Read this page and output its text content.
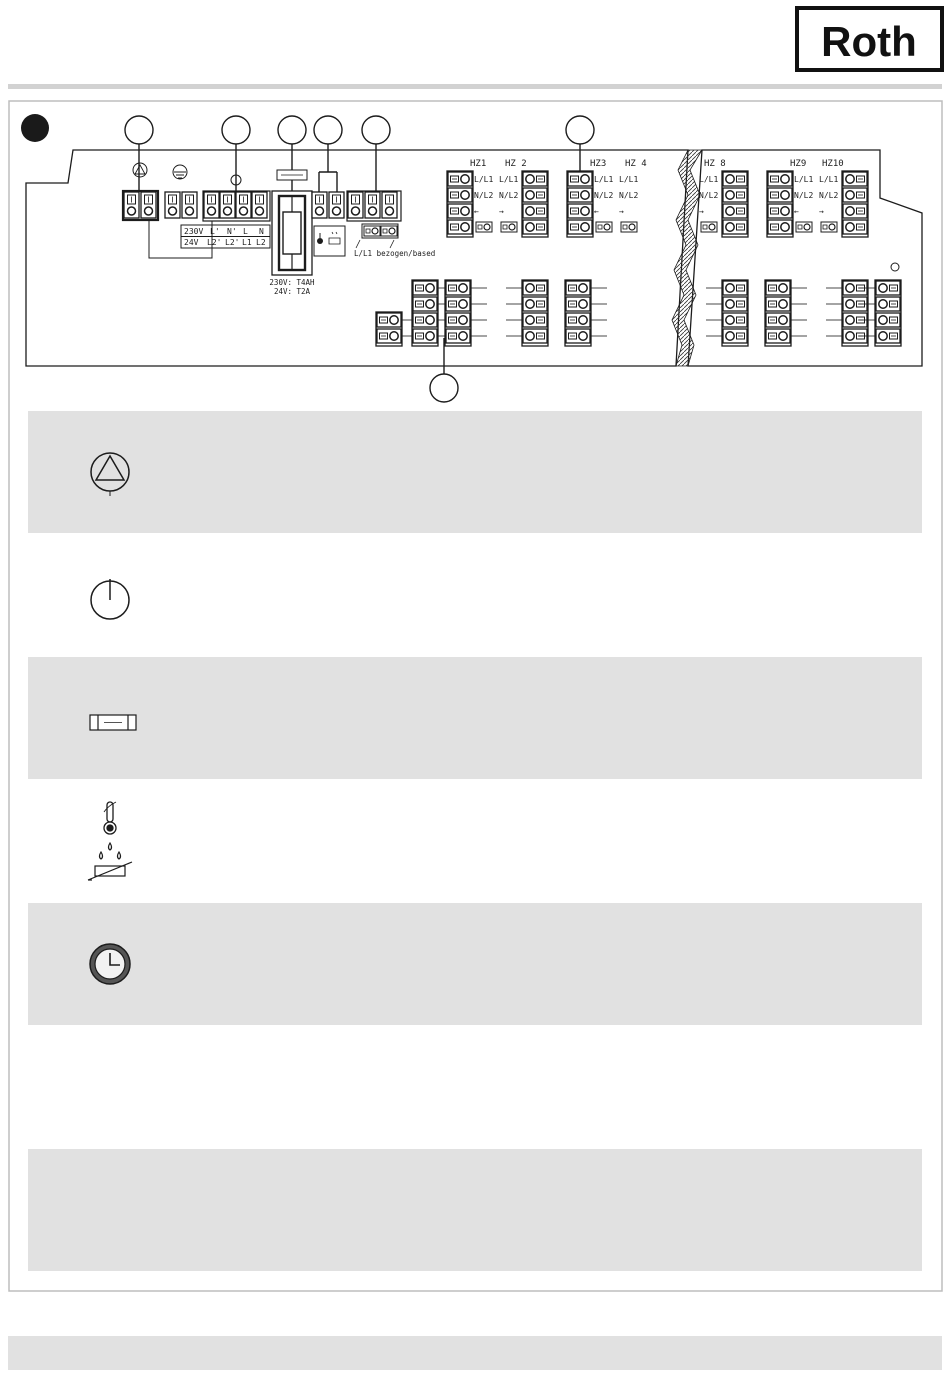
Roth
230V L' N' L N
24V L2' L2' L1 L2
230V: T4AH
24V: T2A
L/L1 bezogen/based
HZ1 HZ 2	HZ3 HZ 4	HZ 8	HZ9 HZ10
L/L1
N/L2
←
L/L1
N/L2
→
L/L1
N/L2
←
L/L1
N/L2
→
L/L1
N/L2
→
L/L1
N/L2
←
L/L1
N/L2
→
